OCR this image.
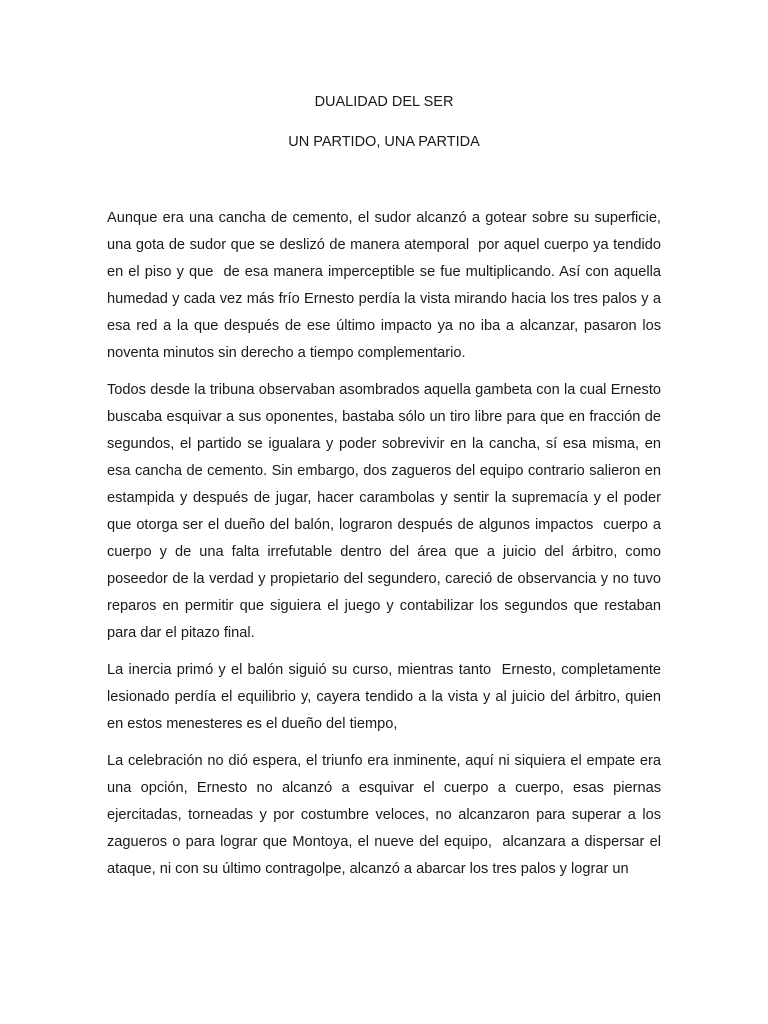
DUALIDAD DEL SER
UN PARTIDO, UNA PARTIDA

Aunque era una cancha de cemento, el sudor alcanzó a gotear sobre su superficie, una gota de sudor que se deslizó de manera atemporal  por aquel cuerpo ya tendido en el piso y que  de esa manera imperceptible se fue multiplicando. Así con aquella humedad y cada vez más frío Ernesto perdía la vista mirando hacia los tres palos y a esa red a la que después de ese último impacto ya no iba a alcanzar, pasaron los noventa minutos sin derecho a tiempo complementario.

Todos desde la tribuna observaban asombrados aquella gambeta con la cual Ernesto buscaba esquivar a sus oponentes, bastaba sólo un tiro libre para que en fracción de segundos, el partido se igualara y poder sobrevivir en la cancha, sí esa misma, en esa cancha de cemento. Sin embargo, dos zagueros del equipo contrario salieron en estampida y después de jugar, hacer carambolas y sentir la supremacía y el poder que otorga ser el dueño del balón, lograron después de algunos impactos  cuerpo a cuerpo y de una falta irrefutable dentro del área que a juicio del árbitro, como poseedor de la verdad y propietario del segundero, careció de observancia y no tuvo reparos en permitir que siguiera el juego y contabilizar los segundos que restaban para dar el pitazo final.

La inercia primó y el balón siguió su curso, mientras tanto  Ernesto, completamente lesionado perdía el equilibrio y, cayera tendido a la vista y al juicio del árbitro, quien en estos menesteres es el dueño del tiempo,

La celebración no dió espera, el triunfo era inminente, aquí ni siquiera el empate era una opción, Ernesto no alcanzó a esquivar el cuerpo a cuerpo, esas piernas ejercitadas, torneadas y por costumbre veloces, no alcanzaron para superar a los zagueros o para lograr que Montoya, el nueve del equipo,  alcanzara a dispersar el ataque, ni con su último contragolpe, alcanzó a abarcar los tres palos y lograr un
